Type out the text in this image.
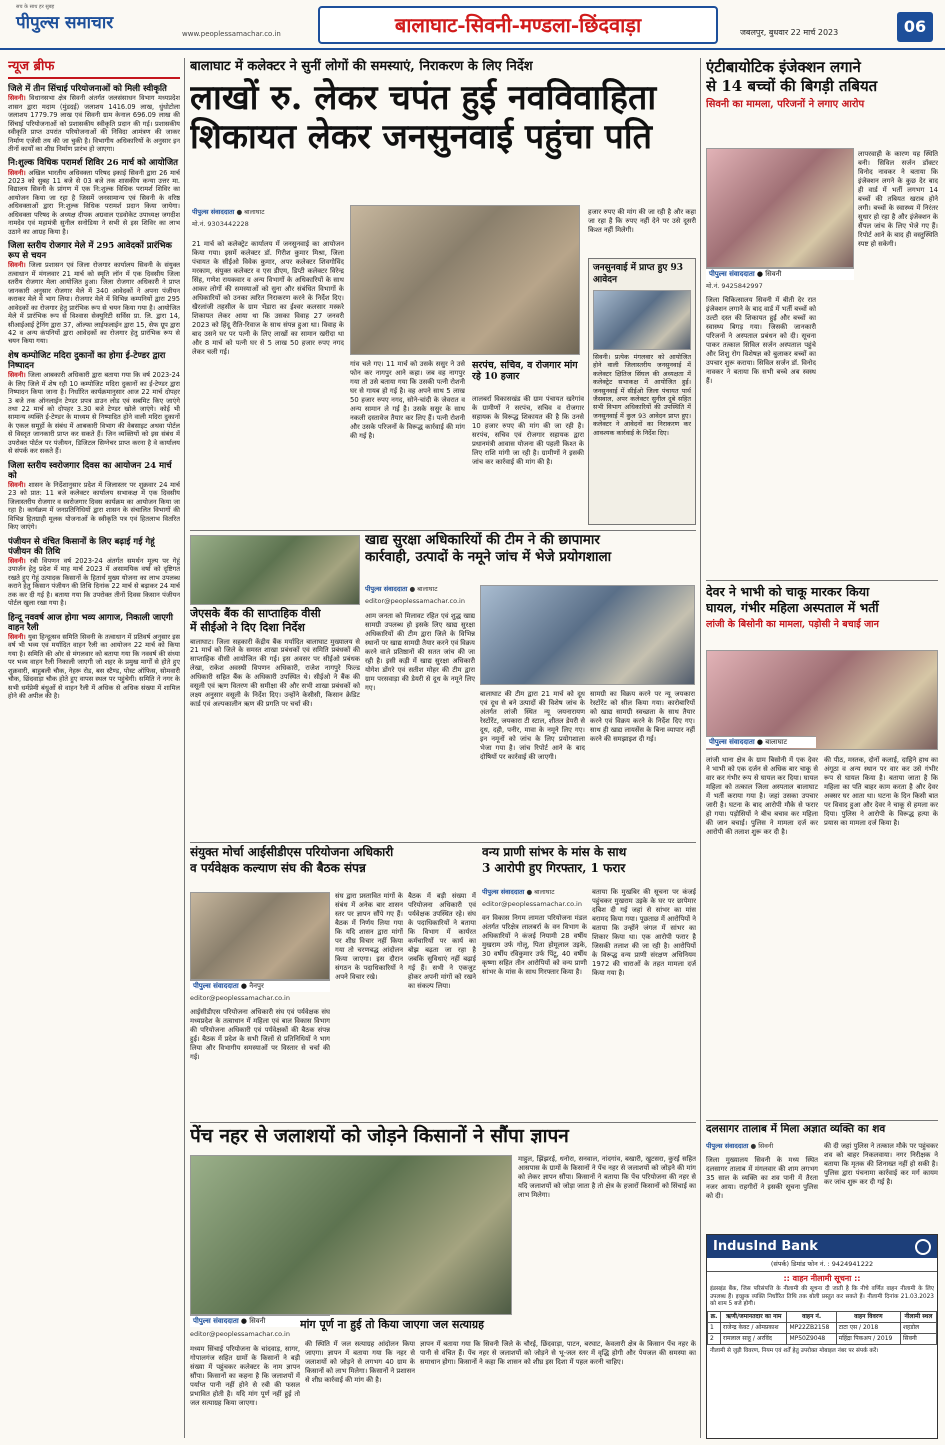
सच के साथ हर सुबह
पीपुल्स समाचार
www.peoplessamachar.co.in	बालाघाट-सिवनी-मण्डला-छिंदवाड़ा	जबलपुर, बुधवार 22 मार्च 2023	06
न्यूज ब्रीफ
जिले में तीन सिंचाई परियोजनाओं को मिली स्वीकृति

सिवनी। विधानसभा क्षेत्र सिवनी अंतर्गत जलसंसाधन विभाग मध्यप्रदेश शासन द्वारा मदाम (मुंडदई) जलाशय 1416.09 लाख, धुंधोटोला जलाशय 1779.79 लाख एवं सिवनी ग्राम केनाल 696.09 लाख की सिंचाई परियोजनाओं को प्रशासकीय स्वीकृति प्रदान की गई। प्रशासकीय स्वीकृति प्राप्त उपरांत परियोजनाओं की निविदा आमंत्रण की जाकर निर्माण एजेंसी तय की जा चुकी है। विभागीय अधिकारियों के अनुसार इन तीनों कार्यों का शीघ्र निर्माण प्रारंभ हो जाएगा।

नि:शुल्क विधिक परामर्श शिविर 26 मार्च को आयोजित

सिवनी। अखिल भारतीय अधिवक्ता परिषद इकाई सिवनी द्वारा 26 मार्च 2023 को सुबह 11 बजे से 03 बजे तक शासकीय कन्या उत्तर मा. विद्यालय सिवनी के प्रांगण में एक नि:शुल्क विधिक परामर्श शिविर का आयोजन किया जा रहा है जिसमें जनसामान्य एवं सिवनी के वरिष्ठ अधिवक्ताओं द्वारा नि:शुल्क विधिक परामर्श प्रदान किया जायेगा। अधिवक्ता परिषद के अध्यक्ष दीपक अग्रवाल एडवोकेट उपाध्यक्ष जगदीश नामदेव एवं महामंत्री सुनील सनोडिया ने सभी से इस शिविर का लाभ उठाने का आग्रह किया है।

जिला स्तरीय रोजगार मेले में 295 आवेदकों प्रारंभिक रूप से चयन

सिवनी। जिला प्रशासन एवं जिला रोजगार कार्यालय सिवनी के संयुक्त तत्वाधान में मंगलवार 21 मार्च को स्मृति लॉन में एक दिवसीय जिला स्तरीय रोजगार मेला आयोजित हुआ। जिला रोजगार अधिकारी ने प्राप्त जानकारी अनुसार रोजगार मेले में 340 आवेदकों ने अपना पंजीयन कराकर मेले में भाग लिया। रोजगार मेले में विभिन्न कम्पनियों द्वारा 295 आवेदकों का रोजगार हेतु प्रारंभिक रूप से चयन किया गया है। आयोजित मेले में प्रारंभिक रूप से विश्वास सेक्युरिटी सर्विस प्रा. लि. द्वारा 14, सीआईआई ट्रेनिंग द्वारा 37, ऑल्फा लाईफलाईन द्वारा 15, सेफ ग्रूप द्वारा 42 व अन्य कंपनियों द्वारा आवेदकों का रोजगार हेतु प्रारंभिक रूप से चयन किया गया।

शेष कम्पोजिट मदिरा दुकानों का होगा ई-टेण्डर द्वारा निष्पादन

सिवनी। जिला आबकारी अधिकारी द्वारा बताया गया कि वर्ष 2023-24 के लिए जिले में शेष रही 10 कम्पोजिट मदिरा दुकानों का ई-टेण्डर द्वारा निष्पादन किया जाना है। निर्धारित कार्यक्रमानुसार आज 22 मार्च दोपहर 3 बजे तक ऑनलाईन टेण्डर प्रपत्र डाउन लोड एवं सबमिट किए जाएंगे तथा 22 मार्च को दोपहर 3.30 बजे टेण्डर खोले जाएंगे। कोई भी सामान्य व्यक्ति ई-टेण्डर के माध्यम से निष्पादित होने वाली मदिरा दुकानों के एकल समूहों के संबंध में आबकारी विभाग की वेबसाइट अथवा पोर्टल से विस्तृत जानकारी प्राप्त कर सकते हैं। जिन व्यक्तियों को इस संबंध में उपरोक्त पोर्टल पर पंजीयन, डिजिटल सिग्नेचर प्राप्त करना है वे कार्यालय से संपर्क कर सकते हैं।

जिला स्तरीय स्वरोजगार दिवस का आयोजन 24 मार्च को

सिवनी। शासन के निर्देशानुसार प्रदेश में जिलास्तर पर शुक्रवार 24 मार्च 23 को प्रात: 11 बजे कलेक्टर कार्यालय सभाकक्ष में एक दिवसीय जिलास्तरीय रोजगार व स्वरोजगार दिवस कार्यक्रम का आयोजन किया जा रहा है। कार्यक्रम में जनप्रतिनिधियों द्वारा शासन के संचालित विभागों की विभिन्न हितग्राही मूलक योजनाओं के स्वीकृति पत्र एवं हितलाभ वितरित किए जाएंगे।

पंजीयन से वंचित किसानों के लिए बढ़ाई गई गेहूं पंजीयन की तिथि

सिवनी। रबी विपणन वर्ष 2023-24 अंतर्गत समर्थन मूल्य पर गेहूं उपार्जन हेतु प्रदेश में माह मार्च 2023 में असामयिक वर्षा को दृष्टिगत रखते हुए गेहूं उत्पादक किसानों के हितार्थ मुख्य योजना का लाभ उपलब्ध कराने हेतु किसान पंजीयन की तिथि दिनांक 22 मार्च से बढ़ाकर 24 मार्च तक कर दी गई है। बताया गया कि उपरोक्त तीनों दिवस किसान पंजीयन पोर्टल खुला रखा गया है।

हिन्दू नववर्ष आज होगा भव्य आगाज, निकाली जाएगी वाहन रैली

सिवनी। युवा हिन्दूत्सव समिति सिवनी के तत्वाधान में प्रतिवर्ष अनुसार इस वर्ष भी भव्य एवं मर्यादित वाहन रैली का आयोजन 22 मार्च को किया गया है। समिति की ओर से मंगलवार को बताया गया कि नववर्ष की संध्या पर भव्य वाहन रैली निकाली जाएगी जो शहर के प्रमुख मार्गों से होते हुए शुक्रवारी, बाहुबली चौक, नेहरू रोड, बस स्टैण्ड, पोस्ट ऑफिस, सोमवारी चौक, छिंदवाड़ा चौक होते हुए वापस स्थल पर पहुंचेगी। समिति ने नगर के सभी धर्मप्रेमी बंधुओं से वाहन रैली में अधिक से अधिक संख्या में शामिल होने की अपील की है।

बालाघाट में कलेक्टर ने सुनीं लोगों की समस्याएं, निराकरण के लिए निर्देश
लाखों रु. लेकर चपंत हुई नवविवाहिता
शिकायत लेकर जनसुनवाई पहुंचा पति
पीपुल्स संवाददाता ● बालाघाट
मो.नं. 9303442228
21 मार्च को कलेक्ट्रेट कार्यालय में जनसुनवाई का आयोजन किया गया। इसमें कलेक्टर डॉ. गिरीश कुमार मिश्रा, जिला पंचायत के सीईओ विवेक कुमार, अपर कलेक्टर शिवगोविंद मरकाम, संयुक्त कलेक्टर व एस डीएम, डिप्टी कलेक्टर विरेन्द्र सिंह, गणेश रायकवार व अन्य विभागों के अधिकारियों के साथ आकर लोगों की समस्याओं को सुना और संबंधित विभागों के अधिकारियों को उनका त्वरित निराकरण करने के निर्देश दिए। खैरलांजी तहसील के ग्राम भेंडारा का ईश्वर कलसार मस्करे शिकायत लेकर आया था कि उसका विवाह 27 जनवरी 2023 को हिंदू रीति-रिवाज के साथ संपन्न हुआ था। विवाह के बाद उसने घर पर पत्नी के लिए लाखों का सामान खरीदा था और 8 मार्च को पत्नी घर से 5 लाख 50 हजार रुपए नगद लेकर चली गई।
गांव चले गए। 11 मार्च को उसके ससुर ने उसे फोन कर नागपुर आने कहा। जब वह नागपुर गया तो उसे बताया गया कि उसकी पत्नी रोशनी घर से गायब हो गई है। वह अपने साथ 5 लाख 50 हजार रुपए नगद, सोने-चांदी के जेवरात व अन्य सामान ले गई है। उसके ससुर के साथ नकली दस्तावेज तैयार कर लिए हैं। पत्नी रोशनी और उसके परिजनों के विरूद्ध कार्रवाई की मांग की गई है।
सरपंच, सचिव, व रोजगार मांग रहे 10 हजार
लालबर्रा विकासखंड की ग्राम पंचायत खरेगांव के ग्रामीणों ने सरपंच, सचिव व रोजगार सहायक के विरूद्ध शिकायत की है कि उनसे 10 हजार रुपए की मांग की जा रही है। सरपंच, सचिव एवं रोजगार सहायक द्वारा प्रधानमंत्री आवास योजना की पहली किश्त के लिए राशि मांगी जा रही है। ग्रामीणों ने इसकी जांच कर कार्रवाई की मांग की है।
हजार रुपए की मांग की जा रही है और कहा जा रहा है कि रुपए नहीं देने पर उसे दूसरी किश्त नहीं मिलेगी।
जनसुनवाई में प्राप्त हुए 93 आवेदन
सिवनी। प्रत्येक मंगलवार को आयोजित होने वाली जिलास्तरीय जनसुनवाई में कलेक्टर क्षितिज सिंघल की अध्यक्षता में कलेक्ट्रेट सभाकक्ष में आयोजित हुई। जनसुनवाई में सीईओ जिला पंचायत पार्थ जैसवाल, अपर कलेक्टर सुनील दुबे सहित सभी विभाग अधिकारियों की उपस्थिति में जनसुनवाई में कुल 93 आवेदन प्राप्त हुए। कलेक्टर ने आवेदनों का निराकरण कर आवश्यक कार्रवाई के निर्देश दिए।
एंटीबायोटिक इंजेक्शन लगाने
से 14 बच्चों की बिगड़ी तबियत
सिवनी का मामला, परिजनों ने लगाए आरोप
पीपुल्स संवाददाता ● सिवनी
मो.नं. 9425842997
जिला चिकित्सालय सिवनी में बीती देर रात इंजेक्शन लगाने के बाद वार्ड में भर्ती बच्चों को उल्टी दस्त की शिकायत हुई और बच्चों का स्वास्थ्य बिगड़ गया। जिसकी जानकारी परिजनों ने अस्पताल प्रबंधन को दी। सूचना पाकर तत्काल सिविल सर्जन अस्पताल पहुंचे और शिशु रोग विशेषज्ञ को बुलाकर बच्चों का उपचार शुरू कराया। सिविल सर्जन डॉ. विनोद नावकर ने बताया कि सभी बच्चे अब स्वस्थ हैं।
लापरवाही के कारण यह स्थिति बनी। सिविल सर्जन डॉक्टर विनोद नावकर ने बताया कि इंजेक्शन लगने के कुछ देर बाद ही वार्ड में भर्ती लगभग 14 बच्चों की तबियत खराब होने लगी। बच्चों के स्वास्थ्य में निरंतर सुधार हो रहा है और इंजेक्शन के सैंपल जांच के लिए भेजे गए हैं। रिपोर्ट आने के बाद ही वस्तुस्थिति स्पष्ट हो सकेगी।
खाद्य सुरक्षा अधिकारियों की टीम ने की छापामार
कार्रवाही, उत्पादों के नमूने जांच में भेजे प्रयोगशाला
पीपुल्स संवाददाता ● बालाघाट
editor@peoplessamachar.co.in
आम जनता को मिलावट रहित एवं शुद्ध खाद्य सामग्री उपलब्ध हो इसके लिए खाद्य सुरक्षा अधिकारियों की टीम द्वारा जिले के विभिन्न स्थानों पर खाद्य सामग्री तैयार करने एवं विक्रय करने वाले प्रतिष्ठानों की सतत जांच की जा रही है। इसी कड़ी में खाद्य सुरक्षा अधिकारी योगेश डोंगरे एवं सतीश मोहर की टीम द्वारा ग्राम परसवाड़ा की डेयरी से दूध के नमूने लिए गए।
बालाघाट की टीम द्वारा 21 मार्च को दूध एवं दूध से बने उत्पादों की विशेष जांच के अंतर्गत लांजी स्थित न्यू जयनारायण रेस्टोरेंट, जयकारा टी स्टाल, शीतल डेयरी से दूध, दही, पनीर, मावा के नमूने लिए गए। इन नमूनों को जांच के लिए प्रयोगशाला भेजा गया है। जांच रिपोर्ट आने के बाद दोषियों पर कार्रवाई की जाएगी।
सामग्री का विक्रय करने पर न्यू जयकारा रेस्टोरेंट को सील किया गया। कारोबारियों को खाद्य सामग्री स्वच्छता के साथ तैयार करने एवं विक्रय करने के निर्देश दिए गए। साथ ही खाद्य लायसेंस के बिना व्यापार नहीं करने की समझाइश दी गई।
जेएसके बैंक की साप्ताहिक वीसी
में सीईओ ने दिए दिशा निर्देश
बालाघाट। जिला सहकारी केंद्रीय बैंक मर्यादित बालाघाट मुख्यालय से 21 मार्च को जिले के समस्त शाखा प्रबंधकों एवं समिति प्रबंधकों की साप्ताहिक वीसी आयोजित की गई। इस अवसर पर सीईओ प्रबंधक लेखा, राकेश अवस्थी विपणन अधिकारी, राजेश नागपुरे फिल्ड अधिकारी सहित बैंक के अधिकारी उपस्थित थे। सीईओ ने बैंक की वसूली एवं ऋण वितरण की समीक्षा की और सभी शाखा प्रबंधकों को लक्ष्य अनुसार वसूली के निर्देश दिए। उन्होंने केसीसी, किसान क्रेडिट कार्ड एवं अल्पकालीन ऋण की प्रगति पर चर्चा की।
संयुक्त मोर्चा आईसीडीएस परियोजना अधिकारी
व पर्यवेक्षक कल्याण संघ की बैठक संपन्न
पीपुल्स संवाददाता ● नैनपुर
editor@peoplessamachar.co.in
आईसीडीएस परियोजना अधिकारी संघ एवं पर्यवेक्षक संघ मध्यप्रदेश के तत्वाधान में महिला एवं बाल विकास विभाग की परियोजना अधिकारी एवं पर्यवेक्षकों की बैठक संपन्न हुई। बैठक में प्रदेश के सभी जिलों से प्रतिनिधियों ने भाग लिया और विभागीय समस्याओं पर विस्तार से चर्चा की गई।
संघ द्वारा प्रस्तावित मांगों के संबंध में अनेक बार शासन स्तर पर ज्ञापन सौंपे गए हैं। बैठक में निर्णय लिया गया कि यदि शासन द्वारा मांगों पर शीघ्र विचार नहीं किया गया तो चरणबद्ध आंदोलन किया जाएगा। इस दौरान संगठन के पदाधिकारियों ने अपने विचार रखे।
बैठक में बड़ी संख्या में परियोजना अधिकारी एवं पर्यवेक्षक उपस्थित रहे। संघ के पदाधिकारियों ने बताया कि विभाग में कार्यरत कर्मचारियों पर कार्य का बोझ बढ़ता जा रहा है जबकि सुविधाएं नहीं बढ़ाई गई हैं। सभी ने एकजुट होकर अपनी मांगों को रखने का संकल्प लिया।
वन्य प्राणी सांभर के मांस के साथ
3 आरोपी हुए गिरफ्तार, 1 फरार
पीपुल्स संवाददाता ● बालाघाट
editor@peoplessamachar.co.in
वन विकास निगम लामता परियोजना मंडल अंतर्गत परिक्षेत्र लालबर्रा के वन विभाग के अधिकारियों ने कंजई नियामी 28 वर्षीय मुखराम उर्फ गोलू, पिता होमूलाल उइके, 30 वर्षीय रविकुमार उर्फ पिंटू, 40 वर्षीय कृष्णा सहित तीन आरोपियों को वन्य प्राणी सांभर के मांस के साथ गिरफ्तार किया है।
बताया कि मुखबिर की सूचना पर कंजई पहुंचकर मुखराम उइके के घर पर छापेमार दबिश दी गई जहां से सांभर का मांस बरामद किया गया। पूछताछ में आरोपियों ने बताया कि उन्होंने जंगल में सांभर का शिकार किया था। एक आरोपी फरार है जिसकी तलाश की जा रही है। आरोपियों के विरूद्ध वन्य प्राणी संरक्षण अधिनियम 1972 की धाराओं के तहत मामला दर्ज किया गया है।
देवर ने भाभी को चाकू मारकर किया
घायल, गंभीर महिला अस्पताल में भर्ती
लांजी के बिसोनी का मामला, पड़ोसी ने बचाई जान
पीपुल्स संवाददाता ● बालाघाट
लांजी थाना क्षेत्र के ग्राम बिसोनी में एक देवर ने भाभी को एक दर्जन से अधिक बार चाकू से वार कर गंभीर रूप से घायल कर दिया। घायल महिला को तत्काल जिला अस्पताल बालाघाट में भर्ती कराया गया है। जहां उसका उपचार जारी है। घटना के बाद आरोपी मौके से फरार हो गया। पड़ोसियों ने बीच बचाव कर महिला की जान बचाई। पुलिस ने मामला दर्ज कर आरोपी की तलाश शुरू कर दी है।
की पीठ, मस्तक, दोनों कलाई, दाहिने हाथ का अंगूठा व अन्य स्थान पर वार कर उसे गंभीर रूप से घायल किया है। बताया जाता है कि महिला का पति बाहर काम करता है और देवर अक्सर घर आता था। घटना के दिन किसी बात पर विवाद हुआ और देवर ने चाकू से हमला कर दिया। पुलिस ने आरोपी के विरूद्ध हत्या के प्रयास का मामला दर्ज किया है।
पेंच नहर से जलाशयों को जोड़ने किसानों ने सौंपा ज्ञापन
पीपुल्स संवाददाता ● सिवनी
editor@peoplessamachar.co.in
मांग पूर्ण ना हुई तो किया जाएगा जल सत्याग्रह
माहुल, झिंझरई, धनोरा, सनवाल, नांदगांव, बखारी, खुटसरा, कुरई सहित आसपास के ग्रामों के किसानों ने पेंच नहर से जलाशयों को जोड़ने की मांग को लेकर ज्ञापन सौंपा। किसानों ने बताया कि पेंच परियोजना की नहर से यदि जलाशयों को जोड़ा जाता है तो क्षेत्र के हजारों किसानों को सिंचाई का लाभ मिलेगा।
मध्यम सिंचाई परियोजना के चांदवाड़, सागर, गोपालगंज सहित ग्रामों के किसानों ने बड़ी संख्या में पहुंचकर कलेक्टर के नाम ज्ञापन सौंपा। किसानों का कहना है कि जलाशयों में पर्याप्त पानी नहीं होने से रबी की फसल प्रभावित होती है। यदि मांग पूर्ण नहीं हुई तो जल सत्याग्रह किया जाएगा।
की स्थिति में जल सत्याग्रह आंदोलन किया जाएगा। ज्ञापन में बताया गया कि नहर से जलाशयों को जोड़ने से लगभग 40 ग्राम के किसानों को लाभ मिलेगा। किसानों ने प्रशासन से शीघ्र कार्रवाई की मांग की है।
ज्ञापन में बताया गया कि सिवनी जिले के चौरई, छिंदवाड़ा, पाटन, बरघाट, केवलारी क्षेत्र के किसान पेंच नहर के पानी से वंचित हैं। पेंच नहर से जलाशयों को जोड़ने से भू-जल स्तर में वृद्धि होगी और पेयजल की समस्या का समाधान होगा। किसानों ने कहा कि शासन को शीघ्र इस दिशा में पहल करनी चाहिए।
दलसागर तालाब में मिला अज्ञात व्यक्ति का शव
पीपुल्स संवाददाता ● सिवनी
जिला मुख्यालय सिवनी के मध्य स्थित दलसागर तालाब में मंगलवार की शाम लगभग 35 साल के व्यक्ति का शव पानी में तैरता नजर आया। राहगीरों ने इसकी सूचना पुलिस को दी।
की दी जहां पुलिस ने तत्काल मौके पर पहुंचकर शव को बाहर निकलवाया। नगर निरीक्षक ने बताया कि मृतक की शिनाख्त नहीं हो सकी है। पुलिस द्वारा पंचनामा कार्रवाई कर मर्ग कायम कर जांच शुरू कर दी गई है।
IndusInd Bank
(संपर्क) डिमांड फोन नं. : 9424941222
:: वाहन नीलामी सूचना ::
इंडसइंड बैंक, जिस परिसंपत्ति के नीलामी की सूचना दी जाती है कि नीचे वर्णित वाहन नीलामी के लिए उपलब्ध हैं। इच्छुक व्यक्ति निर्धारित तिथि तक बोली प्रस्तुत कर सकते हैं। नीलामी दिनांक 21.03.2023 को शाम 5 बजे होगी।
क्र.	ऋणी/जमानतदार का नाम	वाहन नं.	वाहन विवरण	नीलामी स्थल
1	राजेन्द्र केवट / ओमप्रकाश	MP22ZB2158	टाटा एस / 2018	शहडोल
2	रामलाल साहू / अरविंद	MP50Z9048	महिंद्रा पिकअप / 2019	सिवनी
नीलामी से जुड़ी विवरण, नियम एवं शर्तें हेतु उपरोक्त मोबाइल नंबर पर संपर्क करें।
